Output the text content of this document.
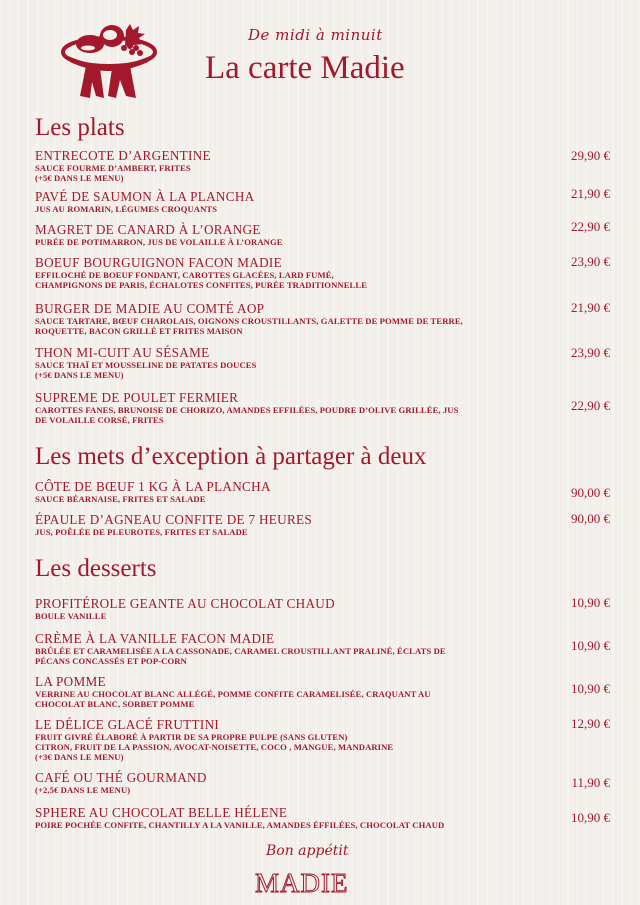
De midi à minuit
La carte Madie
Les plats
ENTRECOTE D’ARGENTINE
SAUCE FOURME D’AMBERT, FRITES
(+5€ DANS LE MENU)
29,90 €
PAVÉ DE SAUMON À LA PLANCHA
JUS AU ROMARIN, LÉGUMES CROQUANTS
21,90 €
MAGRET DE CANARD À L’ORANGE
PURÉE DE POTIMARRON, JUS DE VOLAILLE À L’ORANGE
22,90 €
BOEUF BOURGUIGNON FACON MADIE
EFFILOCHÉ DE BOEUF FONDANT, CAROTTES GLACÉES, LARD FUMÉ,
CHAMPIGNONS DE PARIS, ÉCHALOTES CONFITES, PURÉE TRADITIONNELLE
23,90 €
BURGER DE MADIE AU COMTÉ AOP
SAUCE TARTARE, BŒUF CHAROLAIS, OIGNONS CROUSTILLANTS, GALETTE DE POMME DE TERRE,
ROQUETTE, BACON GRILLÉ ET FRITES MAISON
21,90 €
THON MI-CUIT AU SÉSAME
SAUCE THAÏ ET MOUSSELINE DE PATATES DOUCES
(+5€ DANS LE MENU)
23,90 €
SUPREME DE POULET FERMIER
CAROTTES FANES, BRUNOISE DE CHORIZO, AMANDES EFFILÉES, POUDRE D’OLIVE GRILLÉE, JUS
DE VOLAILLE CORSÉ, FRITES
22,90 €
Les mets d’exception à partager à deux
CÔTE DE BŒUF 1 KG À LA PLANCHA
SAUCE BÉARNAISE, FRITES ET SALADE	90,00 €
ÉPAULE D’AGNEAU CONFITE DE 7 HEURES
JUS, POÊLÉE DE PLEUROTES, FRITES ET SALADE
90,00 €
Les desserts
PROFITÉROLE GEANTE AU CHOCOLAT CHAUD
BOULE VANILLE
10,90 €
CRÈME À LA VANILLE FACON MADIE
BRÛLÉE ET CARAMELISÉE A LA CASSONADE, CARAMEL CROUSTILLANT PRALINÉ, ÉCLATS DE
PÉCANS CONCASSÉS ET POP-CORN
10,90 €
LA POMME
VERRINE AU CHOCOLAT BLANC ALLÉGÉ, POMME CONFITE CARAMELISÉE, CRAQUANT AU
CHOCOLAT BLANC, SORBET POMME
10,90 €
LE DÉLICE GLACÉ FRUTTINI
FRUIT GIVRÉ ÉLABORÉ À PARTIR DE SA PROPRE PULPE (SANS GLUTEN)
CITRON, FRUIT DE LA PASSION, AVOCAT-NOISETTE, COCO , MANGUE, MANDARINE
(+3€ DANS LE MENU)
12,90 €
CAFÉ OU THÉ GOURMAND
(+2,5€ DANS LE MENU)	11,90 €
SPHERE AU CHOCOLAT BELLE HÉLENE
POIRE POCHÉE CONFITE, CHANTILLY A LA VANILLE, AMANDES ÉFFILÉES, CHOCOLAT CHAUD	10,90 €
Bon appétit
MADIE
